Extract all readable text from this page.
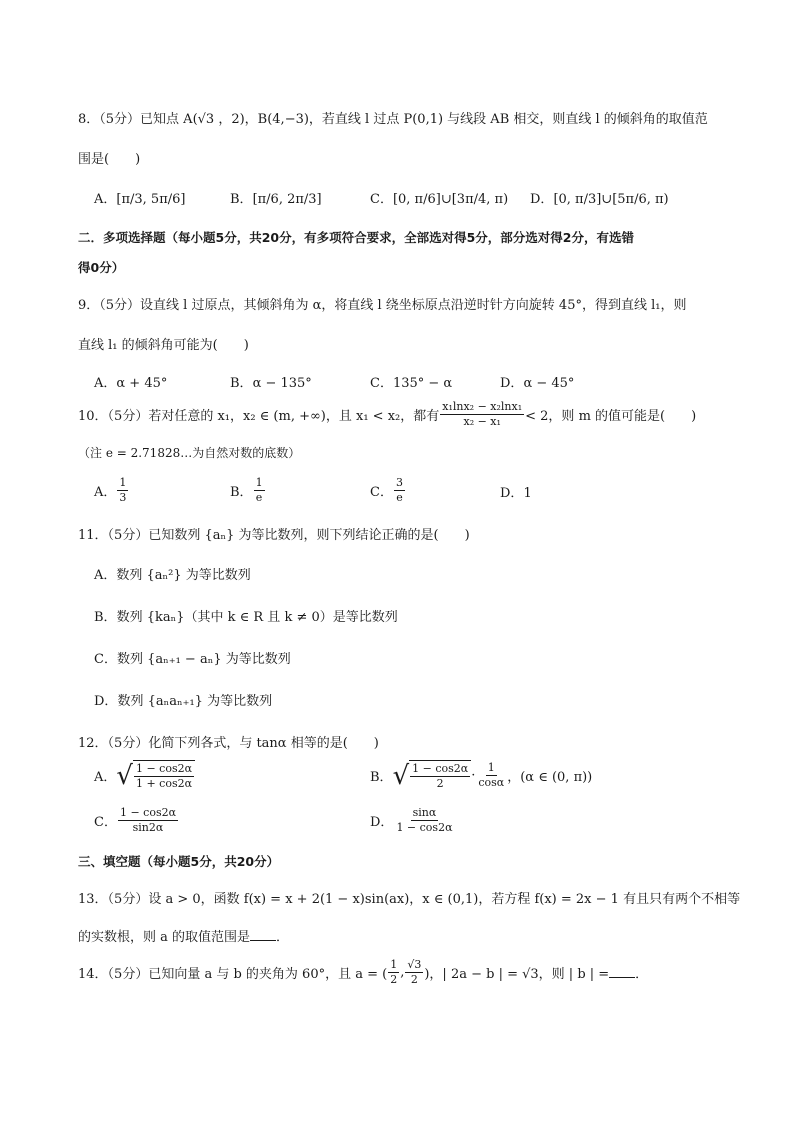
8．（5分）已知点 A(√3 ，2)，B(4,−3)，若直线 l 过点 P(0,1) 与线段 AB 相交，则直线 l 的倾斜角的取值范
围是(　　)
A．[π/3, 5π/6]	B．[π/6, 2π/3]	C．[0, π/6]∪[3π/4, π) D．[0, π/3]∪[5π/6, π)
二．多项选择题（每小题5分，共20分，有多项符合要求，全部选对得5分，部分选对得2分，有选错
得0分）
9．（5分）设直线 l 过原点，其倾斜角为 α，将直线 l 绕坐标原点沿逆时针方向旋转 45°，得到直线 l₁，则
直线 l₁ 的倾斜角可能为(　　)
A．α + 45°	B．α − 135°	C．135° − α	D．α − 45°
10．（5分）若对任意的 x₁，x₂ ∈ (m, +∞)，且 x₁ < x₂，都有 $\frac{\text{x₁lnx₂ − x₂lnx₁}}{\text{x₂ − x₁}} < 2$，则 m 的值可能是(　　)
（注 e = 2.71828…为自然对数的底数）
A． $\frac{1}{3}$	B． $\frac{1}{e}$	C． $\frac{3}{e}$	D．1
11．（5分）已知数列 {aₙ} 为等比数列，则下列结论正确的是(　　)
A．数列 {aₙ²} 为等比数列
B．数列 {kaₙ}（其中 k ∈ R 且 k ≠ 0）是等比数列
C．数列 {aₙ₊₁ − aₙ} 为等比数列
D．数列 {aₙaₙ₊₁} 为等比数列
12．（5分）化简下列各式，与 tanα 相等的是(　　)
A． √ $\frac{1 - \cos 2\alpha}{1 + \cos 2\alpha}$	B． √ $\frac{1 - \cos 2\alpha}{2} \cdot \frac{1}{\cos\alpha}$ ，(α ∈ (0, π))
C． $\frac{1 - \cos 2\alpha}{\sin 2\alpha}$	D． $\frac{\sin\alpha}{1 - \cos 2\alpha}$
三、填空题（每小题5分，共20分）
13．（5分）设 a > 0，函数 f(x) = x + 2(1 − x)sin(ax)，x ∈ (0,1)，若方程 f(x) = 2x − 1 有且只有两个不相等
的实数根，则 a 的取值范围是 ．
14．（5分）已知向量 a 与 b 的夹角为 60°，且 a = ( $\frac{1}{2}$ , $\frac{√3}{2}$ )，| 2a − b | = √3，则 | b | = ．
